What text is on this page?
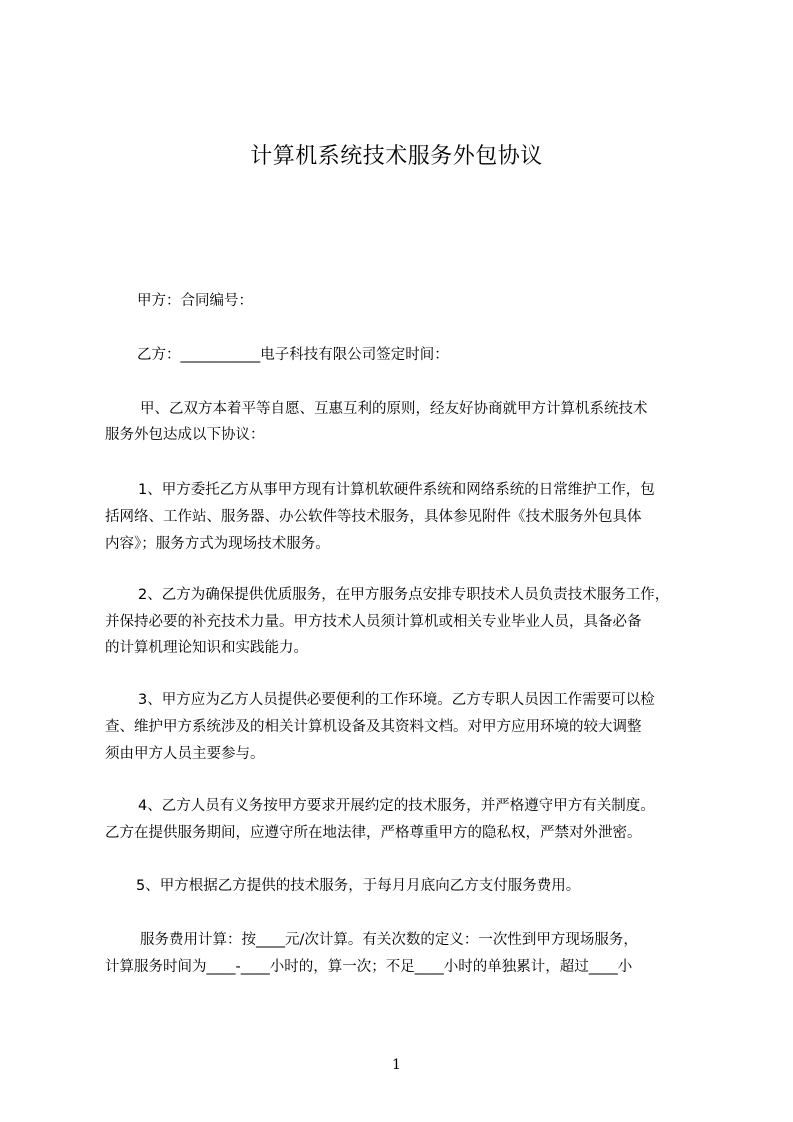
计算机系统技术服务外包协议
甲方：合同编号：
乙方：___________电子科技有限公司签定时间：
甲、乙双方本着平等自愿、互惠互利的原则，经友好协商就甲方计算机系统技术
服务外包达成以下协议：
1、甲方委托乙方从事甲方现有计算机软硬件系统和网络系统的日常维护工作，包
括网络、工作站、服务器、办公软件等技术服务，具体参见附件《技术服务外包具体
内容》；服务方式为现场技术服务。
2、乙方为确保提供优质服务，在甲方服务点安排专职技术人员负责技术服务工作，
并保持必要的补充技术力量。甲方技术人员须计算机或相关专业毕业人员，具备必备
的计算机理论知识和实践能力。
3、甲方应为乙方人员提供必要便利的工作环境。乙方专职人员因工作需要可以检
查、维护甲方系统涉及的相关计算机设备及其资料文档。对甲方应用环境的较大调整
须由甲方人员主要参与。
4、乙方人员有义务按甲方要求开展约定的技术服务，并严格遵守甲方有关制度。
乙方在提供服务期间，应遵守所在地法律，严格尊重甲方的隐私权，严禁对外泄密。
5、甲方根据乙方提供的技术服务，于每月月底向乙方支付服务费用。
服务费用计算：按____元/次计算。有关次数的定义：一次性到甲方现场服务，
计算服务时间为____-____小时的，算一次；不足____小时的单独累计，超过____小
1
